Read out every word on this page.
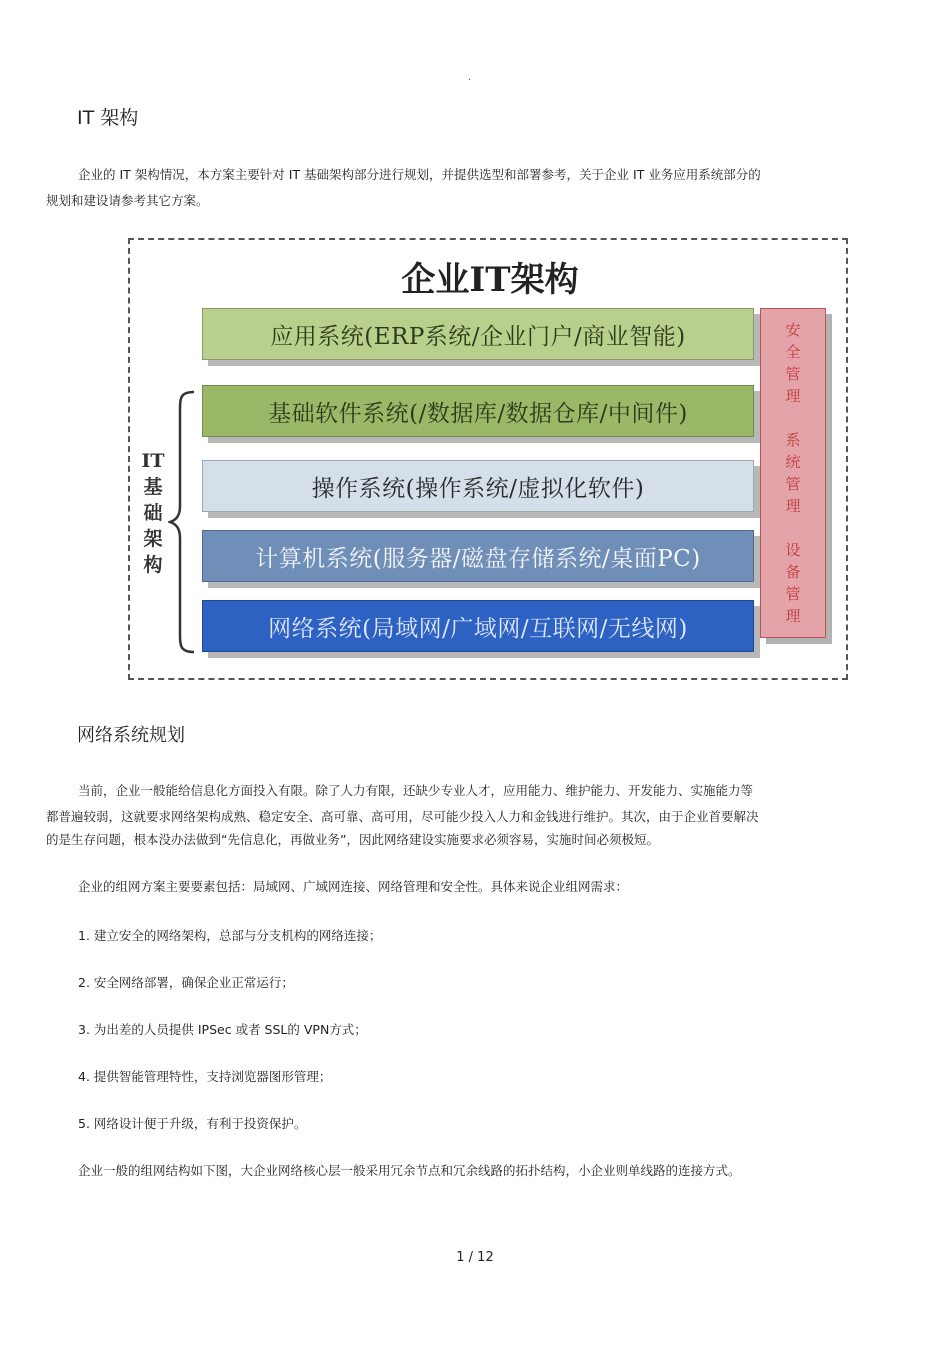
.
IT 架构
企业的 IT 架构情况，本方案主要针对 IT 基础架构部分进行规划，并提供选型和部署参考，关于企业 IT 业务应用系统部分的
规划和建设请参考其它方案。
企业IT架构
应用系统(ERP系统/企业门户/商业智能)
基础软件系统(/数据库/数据仓库/中间件)
操作系统(操作系统/虚拟化软件)
计算机系统(服务器/磁盘存储系统/桌面PC)
网络系统(局域网/广域网/互联网/无线网)
安全管理
系统管理
设备管理
IT
基
础
架
构
网络系统规划
当前，企业一般能给信息化方面投入有限。除了人力有限，还缺少专业人才，应用能力、维护能力、开发能力、实施能力等
都普遍较弱，这就要求网络架构成熟、稳定安全、高可靠、高可用，尽可能少投入人力和金钱进行维护。其次，由于企业首要解决
的是生存问题，根本没办法做到“先信息化，再做业务”，因此网络建设实施要求必须容易，实施时间必须极短。
企业的组网方案主要要素包括：局域网、广域网连接、网络管理和安全性。具体来说企业组网需求：
1. 建立安全的网络架构，总部与分支机构的网络连接；
2. 安全网络部署，确保企业正常运行；
3. 为出差的人员提供 IPSec 或者 SSL的 VPN方式；
4. 提供智能管理特性，支持浏览器图形管理；
5. 网络设计便于升级，有利于投资保护。
企业一般的组网结构如下图，大企业网络核心层一般采用冗余节点和冗余线路的拓扑结构，小企业则单线路的连接方式。
1 / 12
